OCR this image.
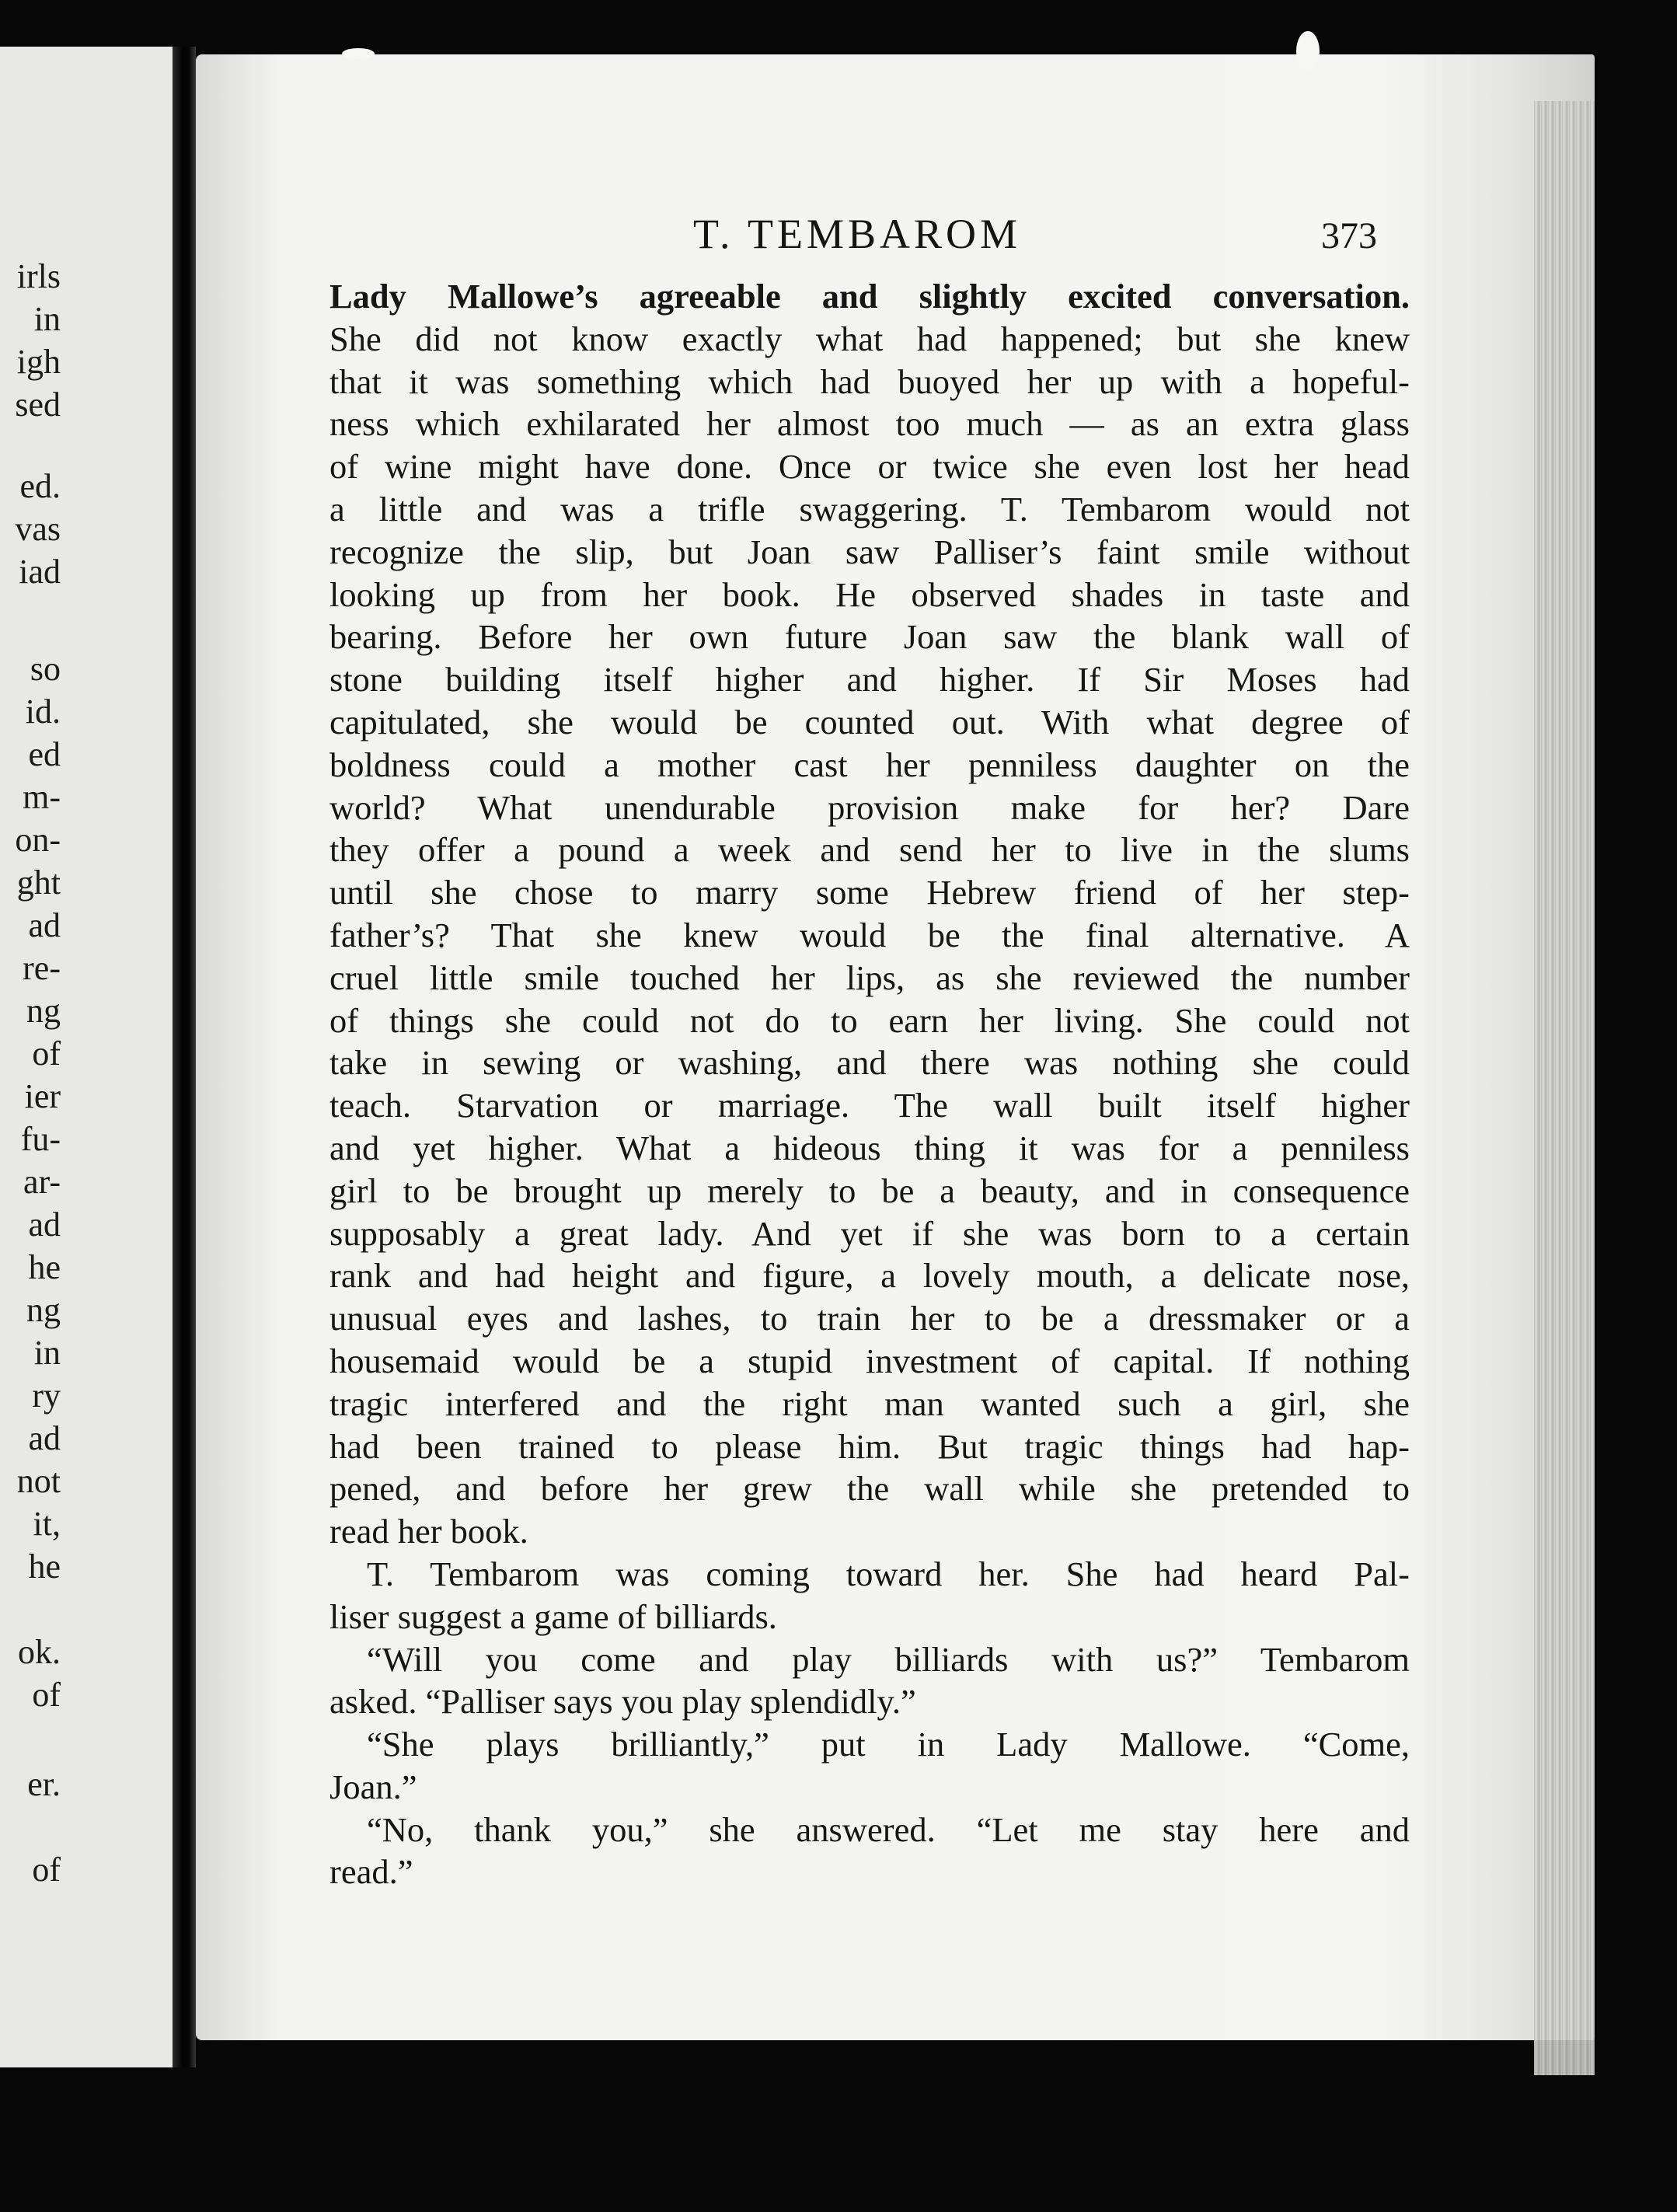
irls
in
igh
sed
ed.
vas
iad
so
id.
ed
m-
on-
ght
ad
re-
ng
of
ier
fu-
ar-
ad
he
ng
in
ry
ad
not
it,
he
ok.
of
er.
of
T. TEMBAROM	373
Lady Mallowe’s agreeable and slightly excited conversation.
She did not know exactly what had happened; but she knew
that it was something which had buoyed her up with a hopeful-
ness which exhilarated her almost too much — as an extra glass
of wine might have done. Once or twice she even lost her head
a little and was a trifle swaggering. T. Tembarom would not
recognize the slip, but Joan saw Palliser’s faint smile without
looking up from her book. He observed shades in taste and
bearing. Before her own future Joan saw the blank wall of
stone building itself higher and higher. If Sir Moses had
capitulated, she would be counted out. With what degree of
boldness could a mother cast her penniless daughter on the
world? What unendurable provision make for her? Dare
they offer a pound a week and send her to live in the slums
until she chose to marry some Hebrew friend of her step-
father’s? That she knew would be the final alternative. A
cruel little smile touched her lips, as she reviewed the number
of things she could not do to earn her living. She could not
take in sewing or washing, and there was nothing she could
teach. Starvation or marriage. The wall built itself higher
and yet higher. What a hideous thing it was for a penniless
girl to be brought up merely to be a beauty, and in consequence
supposably a great lady. And yet if she was born to a certain
rank and had height and figure, a lovely mouth, a delicate nose,
unusual eyes and lashes, to train her to be a dressmaker or a
housemaid would be a stupid investment of capital. If nothing
tragic interfered and the right man wanted such a girl, she
had been trained to please him. But tragic things had hap-
pened, and before her grew the wall while she pretended to
read her book.
T. Tembarom was coming toward her. She had heard Pal-
liser suggest a game of billiards.
“Will you come and play billiards with us?” Tembarom
asked. “Palliser says you play splendidly.”
“She plays brilliantly,” put in Lady Mallowe. “Come,
Joan.”
“No, thank you,” she answered. “Let me stay here and
read.”
